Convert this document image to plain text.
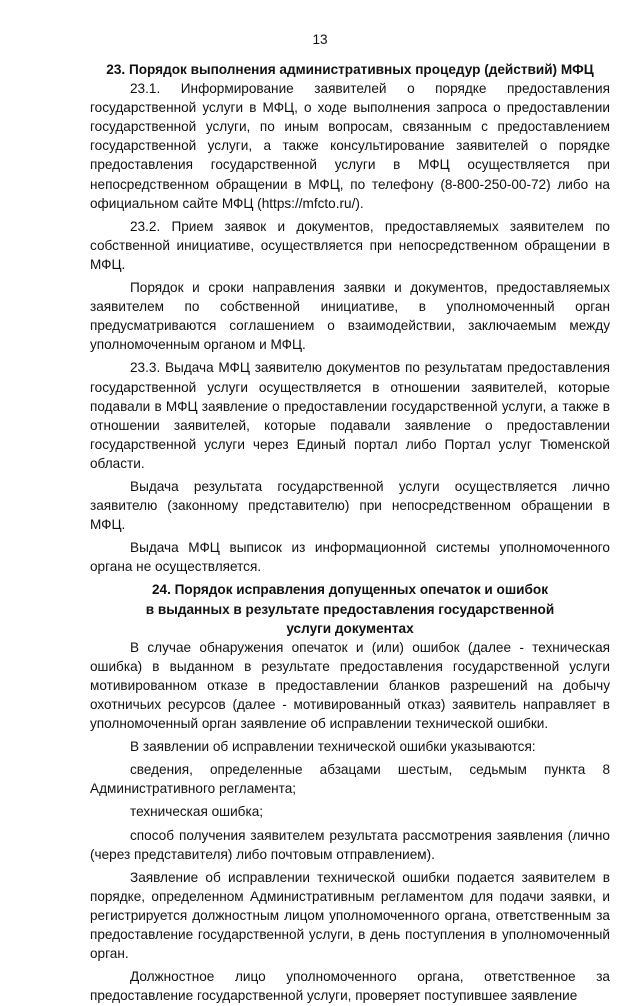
13

23. Порядок выполнения административных процедур (действий) МФЦ

23.1. Информирование заявителей о порядке предоставления государственной услуги в МФЦ, о ходе выполнения запроса о предоставлении государственной услуги, по иным вопросам, связанным с предоставлением государственной услуги, а также консультирование заявителей о порядке предоставления государственной услуги в МФЦ осуществляется при непосредственном обращении в МФЦ, по телефону (8-800-250-00-72) либо на официальном сайте МФЦ (https://mfcto.ru/).

23.2. Прием заявок и документов, предоставляемых заявителем по собственной инициативе, осуществляется при непосредственном обращении в МФЦ.

Порядок и сроки направления заявки и документов, предоставляемых заявителем по собственной инициативе, в уполномоченный орган предусматриваются соглашением о взаимодействии, заключаемым между уполномоченным органом и МФЦ.

23.3. Выдача МФЦ заявителю документов по результатам предоставления государственной услуги осуществляется в отношении заявителей, которые подавали в МФЦ заявление о предоставлении государственной услуги, а также в отношении заявителей, которые подавали заявление о предоставлении государственной услуги через Единый портал либо Портал услуг Тюменской области.

Выдача результата государственной услуги осуществляется лично заявителю (законному представителю) при непосредственном обращении в МФЦ.

Выдача МФЦ выписок из информационной системы уполномоченного органа не осуществляется.

24. Порядок исправления допущенных опечаток и ошибок

в выданных в результате предоставления государственной

услуги документах

В случае обнаружения опечаток и (или) ошибок (далее - техническая ошибка) в выданном в результате предоставления государственной услуги мотивированном отказе в предоставлении бланков разрешений на добычу охотничьих ресурсов (далее - мотивированный отказ) заявитель направляет в уполномоченный орган заявление об исправлении технической ошибки.

В заявлении об исправлении технической ошибки указываются:

сведения, определенные абзацами шестым, седьмым пункта 8 Административного регламента;

техническая ошибка;

способ получения заявителем результата рассмотрения заявления (лично (через представителя) либо почтовым отправлением).

Заявление об исправлении технической ошибки подается заявителем в порядке, определенном Административным регламентом для подачи заявки, и регистрируется должностным лицом уполномоченного органа, ответственным за предоставление государственной услуги, в день поступления в уполномоченный орган.

Должностное лицо уполномоченного органа, ответственное за предоставление государственной услуги, проверяет поступившее заявление
